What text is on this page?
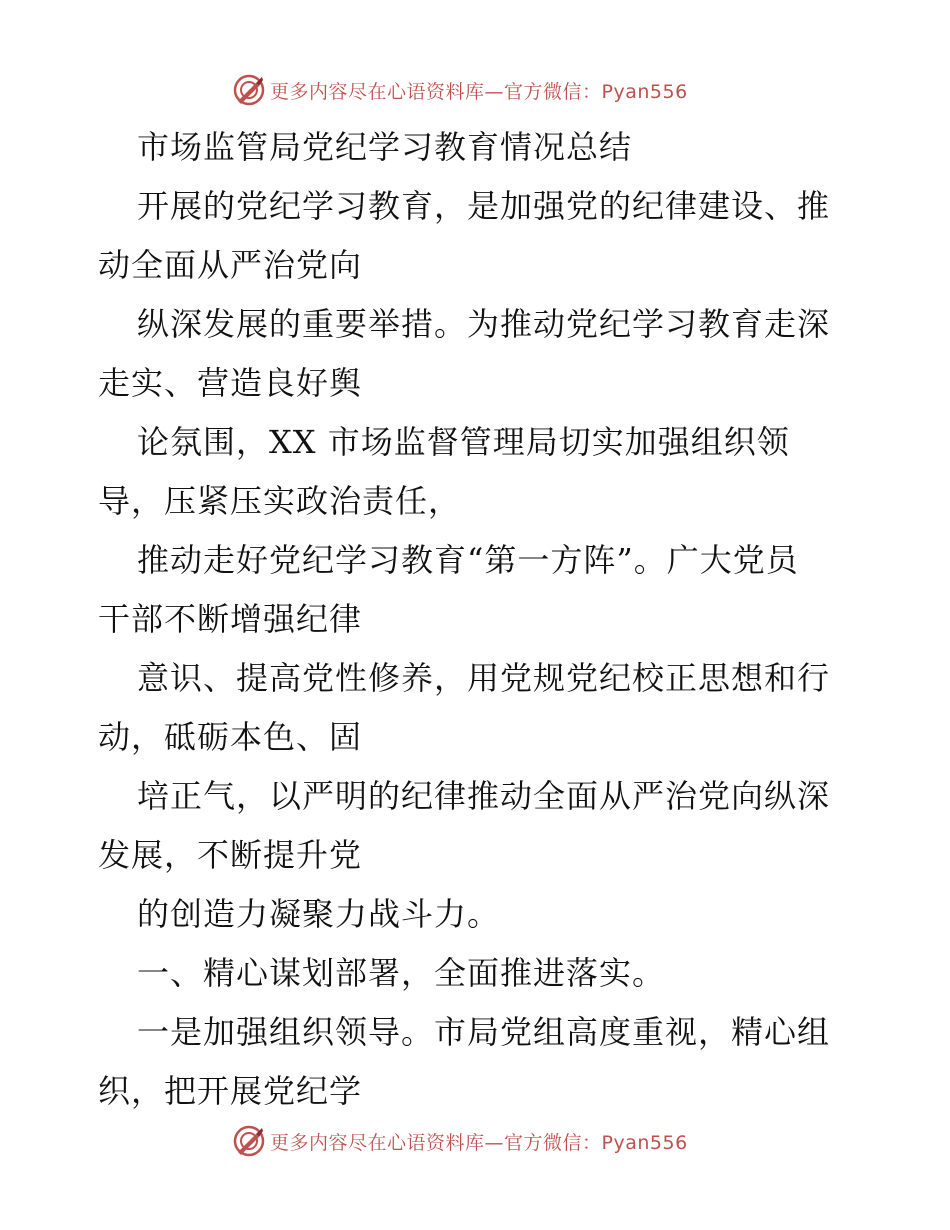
更多内容尽在心语资料库—官方微信：Pyan556
市场监管局党纪学习教育情况总结
开展的党纪学习教育，是加强党的纪律建设、推
动全面从严治党向
纵深发展的重要举措。为推动党纪学习教育走深
走实、营造良好舆
论氛围，XX 市场监督管理局切实加强组织领
导，压紧压实政治责任，
推动走好党纪学习教育“第一方阵”。广大党员
干部不断增强纪律
意识、提高党性修养，用党规党纪校正思想和行
动，砥砺本色、固
培正气，以严明的纪律推动全面从严治党向纵深
发展，不断提升党
的创造力凝聚力战斗力。
一、精心谋划部署，全面推进落实。
一是加强组织领导。市局党组高度重视，精心组
织，把开展党纪学
更多内容尽在心语资料库—官方微信：Pyan556
